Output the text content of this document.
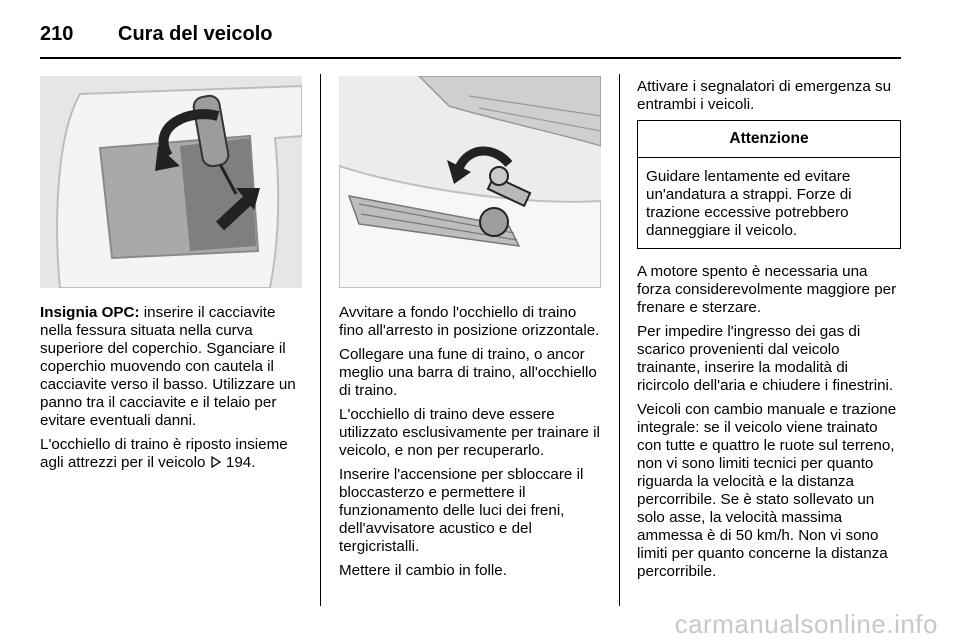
210	Cura del veicolo

Insignia OPC: inserire il cacciavite nella fessura situata nella curva superiore del coperchio. Sganciare il coperchio muovendo con cautela il cacciavite verso il basso. Utilizzare un panno tra il cacciavite e il telaio per evitare eventuali danni.

L'occhiello di traino è riposto insieme agli attrezzi per il veicolo  194.

Avvitare a fondo l'occhiello di traino fino all'arresto in posizione orizzontale.

Collegare una fune di traino, o ancor meglio una barra di traino, all'occhiello di traino.

L'occhiello di traino deve essere utilizzato esclusivamente per trainare il veicolo, e non per recuperarlo.

Inserire l'accensione per sbloccare il bloccasterzo e permettere il funzionamento delle luci dei freni, dell'avvisatore acustico e del tergicristalli.

Mettere il cambio in folle.

Attivare i segnalatori di emergenza su entrambi i veicoli.

Attenzione
Guidare lentamente ed evitare un'andatura a strappi. Forze di trazione eccessive potrebbero danneggiare il veicolo.

A motore spento è necessaria una forza considerevolmente maggiore per frenare e sterzare.

Per impedire l'ingresso dei gas di scarico provenienti dal veicolo trainante, inserire la modalità di ricircolo dell'aria e chiudere i finestrini.

Veicoli con cambio manuale e trazione integrale: se il veicolo viene trainato con tutte e quattro le ruote sul terreno, non vi sono limiti tecnici per quanto riguarda la velocità e la distanza percorribile. Se è stato sollevato un solo asse, la velocità massima ammessa è di 50 km/h. Non vi sono limiti per quanto concerne la distanza percorribile.

carmanualsonline.info
